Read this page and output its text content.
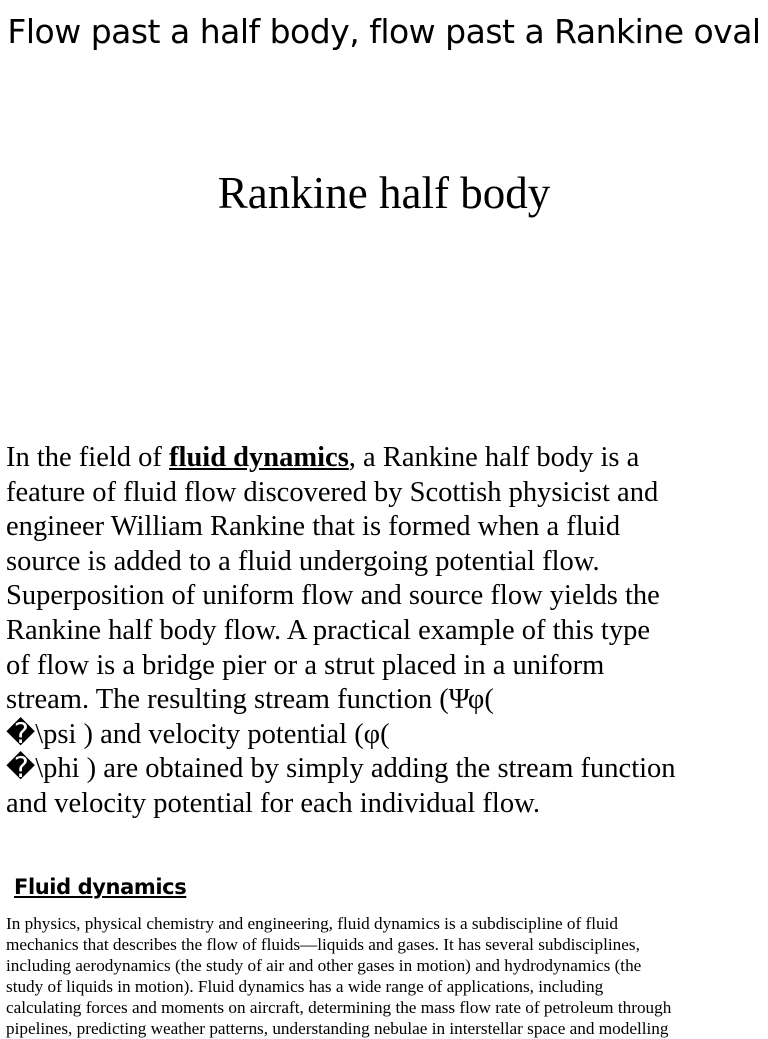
Flow past a half body, flow past a Rankine oval
Rankine half body
In the field of fluid dynamics, a Rankine half body is a
feature of fluid flow discovered by Scottish physicist and
engineer William Rankine that is formed when a fluid
source is added to a fluid undergoing potential flow.
Superposition of uniform flow and source flow yields the
Rankine half body flow. A practical example of this type
of flow is a bridge pier or a strut placed in a uniform
stream. The resulting stream function (Ψφ(
�\psi ) and velocity potential (φ(
�\phi ) are obtained by simply adding the stream function
and velocity potential for each individual flow.
Fluid dynamics
In physics, physical chemistry and engineering, fluid dynamics is a subdiscipline of fluid
mechanics that describes the flow of fluids—liquids and gases. It has several subdisciplines,
including aerodynamics (the study of air and other gases in motion) and hydrodynamics (the
study of liquids in motion). Fluid dynamics has a wide range of applications, including
calculating forces and moments on aircraft, determining the mass flow rate of petroleum through
pipelines, predicting weather patterns, understanding nebulae in interstellar space and modelling
